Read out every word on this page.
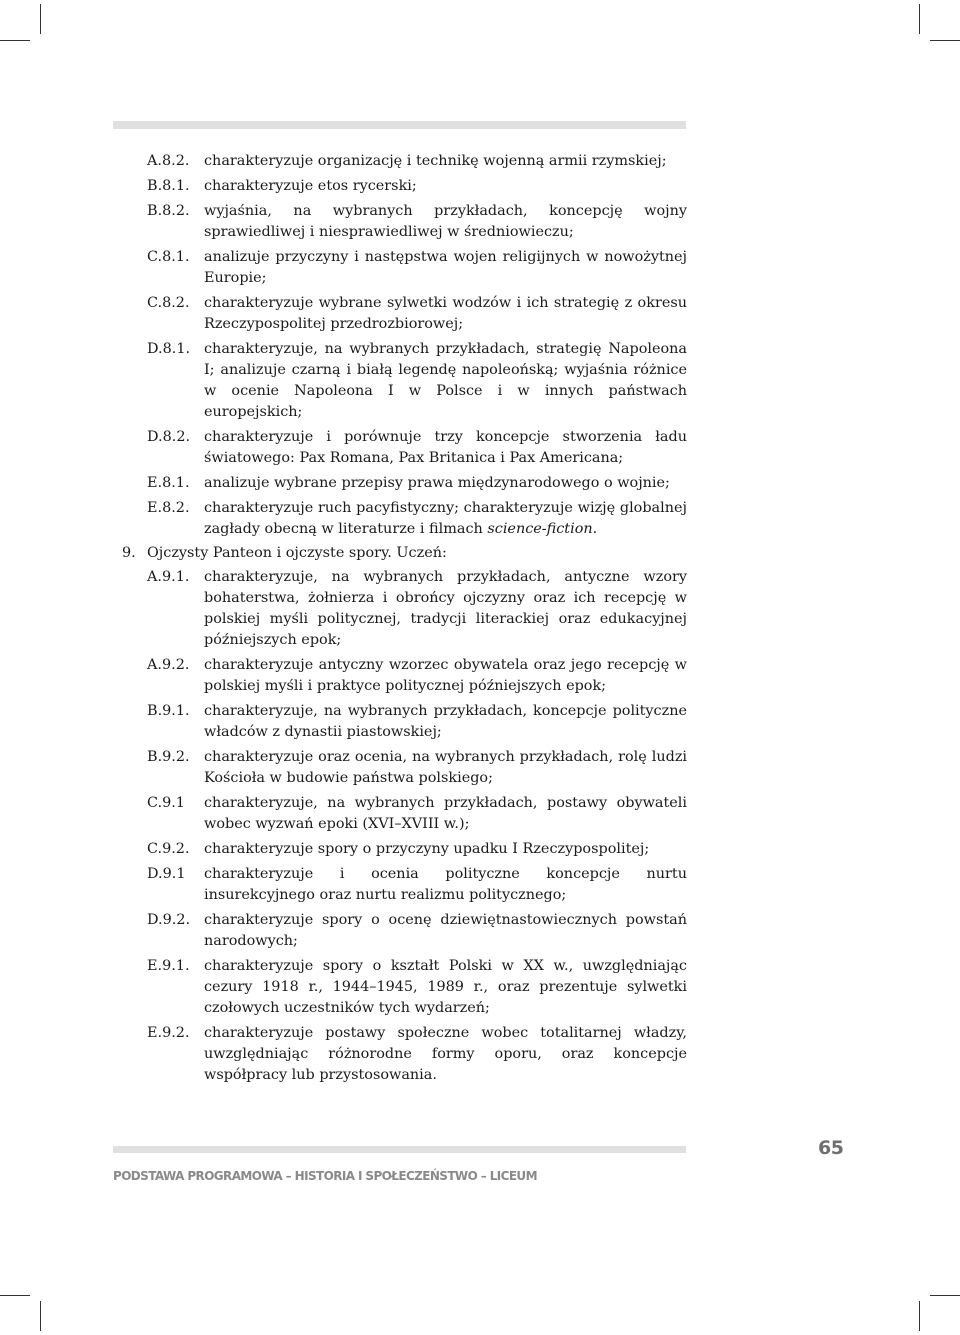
A.8.2.	charakteryzuje organizację i technikę wojenną armii rzymskiej;
B.8.1. charakteryzuje etos rycerski;
B.8.2. wyjaśnia, na wybranych przykładach, koncepcję wojny sprawiedliwej i niesprawiedliwej w średniowieczu;
C.8.1.	analizuje przyczyny i następstwa wojen religijnych w nowożytnej Europie;
C.8.2.	charakteryzuje wybrane sylwetki wodzów i ich strategię z okresu Rzeczypospolitej przedrozbiorowej;
D.8.1. charakteryzuje, na wybranych przykładach, strategię Napoleona I; analizuje czarną i białą legendę napoleońską; wyjaśnia różnice w ocenie Napoleona I w Polsce i w innych państwach europejskich;
D.8.2. charakteryzuje i porównuje trzy koncepcje stworzenia ładu światowego: Pax Romana, Pax Britanica i Pax Americana;
E.8.1.	analizuje wybrane przepisy prawa międzynarodowego o wojnie;
E.8.2.	charakteryzuje ruch pacyfistyczny; charakteryzuje wizję globalnej zagłady obecną w literaturze i filmach science-fiction.
9. Ojczysty Panteon i ojczyste spory. Uczeń:
A.9.1.	charakteryzuje, na wybranych przykładach, antyczne wzory bohaterstwa, żołnierza i obrońcy ojczyzny oraz ich recepcję w polskiej myśli politycznej, tradycji literackiej oraz edukacyjnej późniejszych epok;
A.9.2.	charakteryzuje antyczny wzorzec obywatela oraz jego recepcję w polskiej myśli i praktyce politycznej późniejszych epok;
B.9.1. charakteryzuje, na wybranych przykładach, koncepcje polityczne władców z dynastii piastowskiej;
B.9.2. charakteryzuje oraz ocenia, na wybranych przykładach, rolę ludzi Kościoła w budowie państwa polskiego;
C.9.1	charakteryzuje, na wybranych przykładach, postawy obywateli wobec wyzwań epoki (XVI–XVIII w.);
C.9.2.	charakteryzuje spory o przyczyny upadku I Rzeczypospolitej;
D.9.1	charakteryzuje i ocenia polityczne koncepcje nurtu insurekcyjnego oraz nurtu realizmu politycznego;
D.9.2. charakteryzuje spory o ocenę dziewiętnastowiecznych powstań narodowych;
E.9.1.	charakteryzuje spory o kształt Polski w XX w., uwzględniając cezury 1918 r., 1944–1945, 1989 r., oraz prezentuje sylwetki czołowych uczestników tych wydarzeń;
E.9.2.	charakteryzuje postawy społeczne wobec totalitarnej władzy, uwzględniając różnorodne formy oporu, oraz koncepcje współpracy lub przystosowania.
65
PODSTAWA PROGRAMOWA – HISTORIA I SPOŁECZEŃSTWO – LICEUM
